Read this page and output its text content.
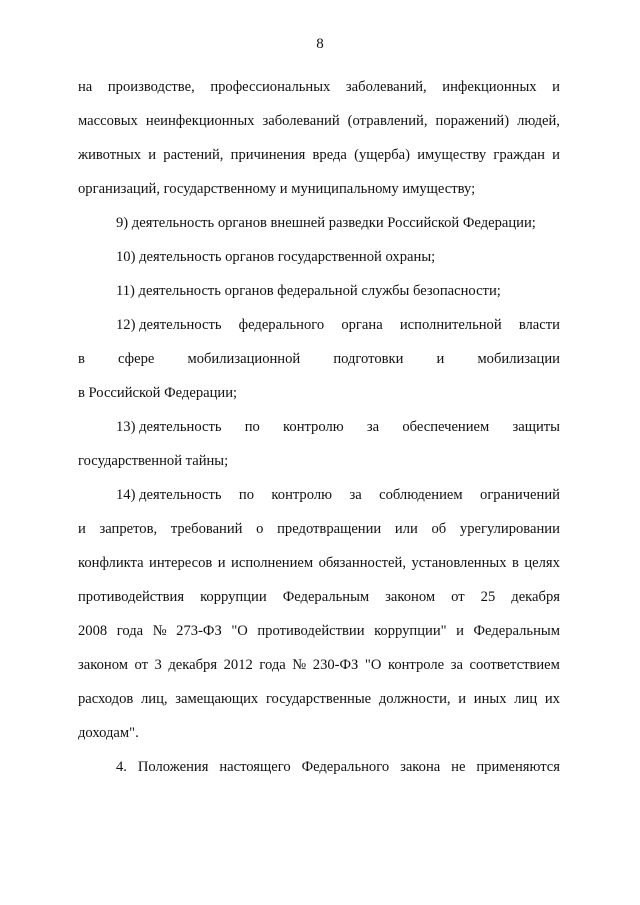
8
на производстве, профессиональных заболеваний, инфекционных и
массовых неинфекционных заболеваний (отравлений, поражений) людей,
животных и растений, причинения вреда (ущерба) имуществу граждан и
организаций, государственному и муниципальному имуществу;
9) деятельность органов внешней разведки Российской Федерации;
10) деятельность органов государственной охраны;
11) деятельность органов федеральной службы безопасности;
12) деятельность федерального органа исполнительной власти
в сфере мобилизационной подготовки и мобилизации
в Российской Федерации;
13) деятельность по контролю за обеспечением защиты
государственной тайны;
14) деятельность по контролю за соблюдением ограничений
и запретов, требований о предотвращении или об урегулировании
конфликта интересов и исполнением обязанностей, установленных в целях
противодействия коррупции Федеральным законом от 25 декабря
2008 года № 273-ФЗ "О противодействии коррупции" и Федеральным
законом от 3 декабря 2012 года № 230-ФЗ "О контроле за соответствием
расходов лиц, замещающих государственные должности, и иных лиц их
доходам".
4. Положения настоящего Федерального закона не применяются
